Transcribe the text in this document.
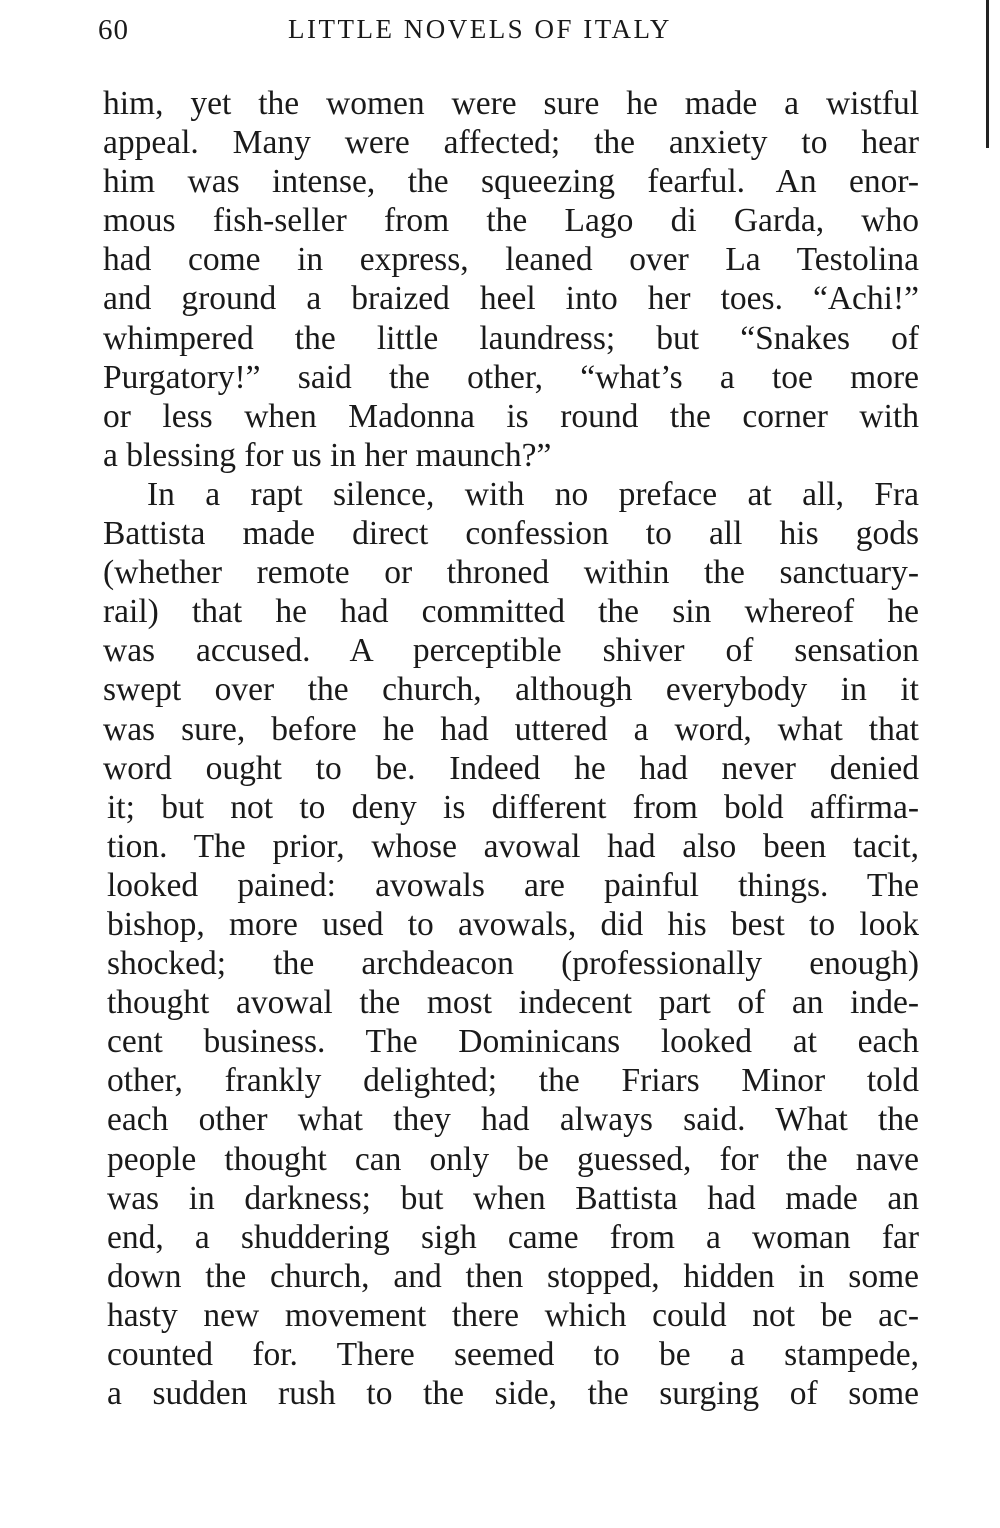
60	LITTLE NOVELS OF ITALY
him, yet the women were sure he made a wistful
appeal. Many were affected; the anxiety to hear
him was intense, the squeezing fearful. An enor-
mous fish-seller from the Lago di Garda, who
had come in express, leaned over La Testolina
and ground a braized heel into her toes. “Achi!”
whimpered the little laundress; but “Snakes of
Purgatory!” said the other, “what’s a toe more
or less when Madonna is round the corner with
a blessing for us in her maunch?”
In a rapt silence, with no preface at all, Fra
Battista made direct confession to all his gods
(whether remote or throned within the sanctuary-
rail) that he had committed the sin whereof he
was accused. A perceptible shiver of sensation
swept over the church, although everybody in it
was sure, before he had uttered a word, what that
word ought to be. Indeed he had never denied
it; but not to deny is different from bold affirma-
tion. The prior, whose avowal had also been tacit,
looked pained: avowals are painful things. The
bishop, more used to avowals, did his best to look
shocked; the archdeacon (professionally enough)
thought avowal the most indecent part of an inde-
cent business. The Dominicans looked at each
other, frankly delighted; the Friars Minor told
each other what they had always said. What the
people thought can only be guessed, for the nave
was in darkness; but when Battista had made an
end, a shuddering sigh came from a woman far
down the church, and then stopped, hidden in some
hasty new movement there which could not be ac-
counted for. There seemed to be a stampede,
a sudden rush to the side, the surging of some
